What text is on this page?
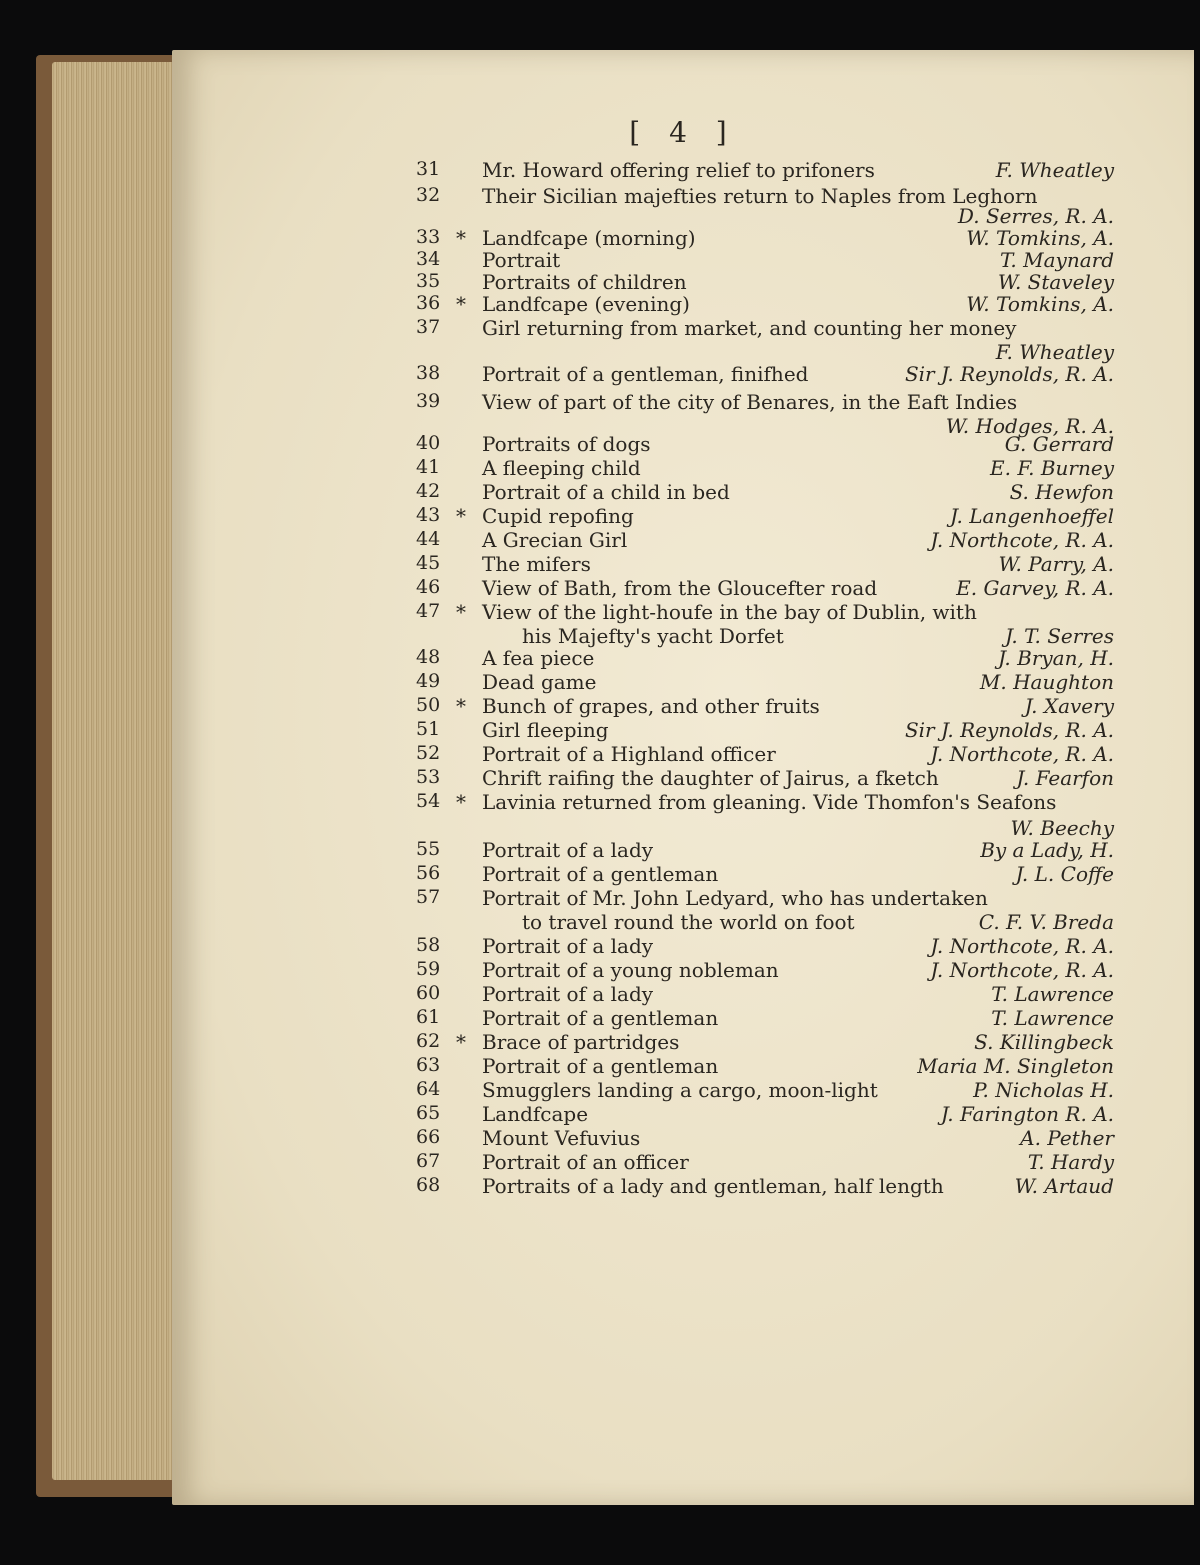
[ 4 ]
31	Mr. Howard offering relief to prifoners	F. Wheatley
32	Their Sicilian majefties return to Naples from Leghorn
D. Serres, R. A.
33 * Landfcape (morning)	W. Tomkins, A.
34	Portrait	T. Maynard
35	Portraits of children	W. Staveley
36 * Landfcape (evening)	W. Tomkins, A.
37	Girl returning from market, and counting her money
F. Wheatley
38	Portrait of a gentleman, finifhed	Sir J. Reynolds, R. A.
39	View of part of the city of Benares, in the Eaft Indies
W. Hodges, R. A.
40	Portraits of dogs	G. Gerrard
41	A fleeping child	E. F. Burney
42	Portrait of a child in bed	S. Hewfon
43 * Cupid repofing	J. Langenhoeffel
44	A Grecian Girl	J. Northcote, R. A.
45	The mifers	W. Parry, A.
46	View of Bath, from the Gloucefter road	E. Garvey, R. A.
47 * View of the light-houfe in the bay of Dublin, with
his Majefty's yacht Dorfet	J. T. Serres
48	A fea piece	J. Bryan, H.
49	Dead game	M. Haughton
50 * Bunch of grapes, and other fruits	J. Xavery
51	Girl fleeping	Sir J. Reynolds, R. A.
52	Portrait of a Highland officer	J. Northcote, R. A.
53	Chrift raifing the daughter of Jairus, a fketch	J. Fearfon
54 * Lavinia returned from gleaning. Vide Thomfon's Seafons
W. Beechy
55	Portrait of a lady	By a Lady, H.
56	Portrait of a gentleman	J. L. Coffe
57	Portrait of Mr. John Ledyard, who has undertaken
to travel round the world on foot	C. F. V. Breda
58	Portrait of a lady	J. Northcote, R. A.
59	Portrait of a young nobleman	J. Northcote, R. A.
60	Portrait of a lady	T. Lawrence
61	Portrait of a gentleman	T. Lawrence
62 * Brace of partridges	S. Killingbeck
63	Portrait of a gentleman	Maria M. Singleton
64	Smugglers landing a cargo, moon-light	P. Nicholas H.
65	Landfcape	J. Farington R. A.
66	Mount Vefuvius	A. Pether
67	Portrait of an officer	T. Hardy
68	Portraits of a lady and gentleman, half length	W. Artaud
